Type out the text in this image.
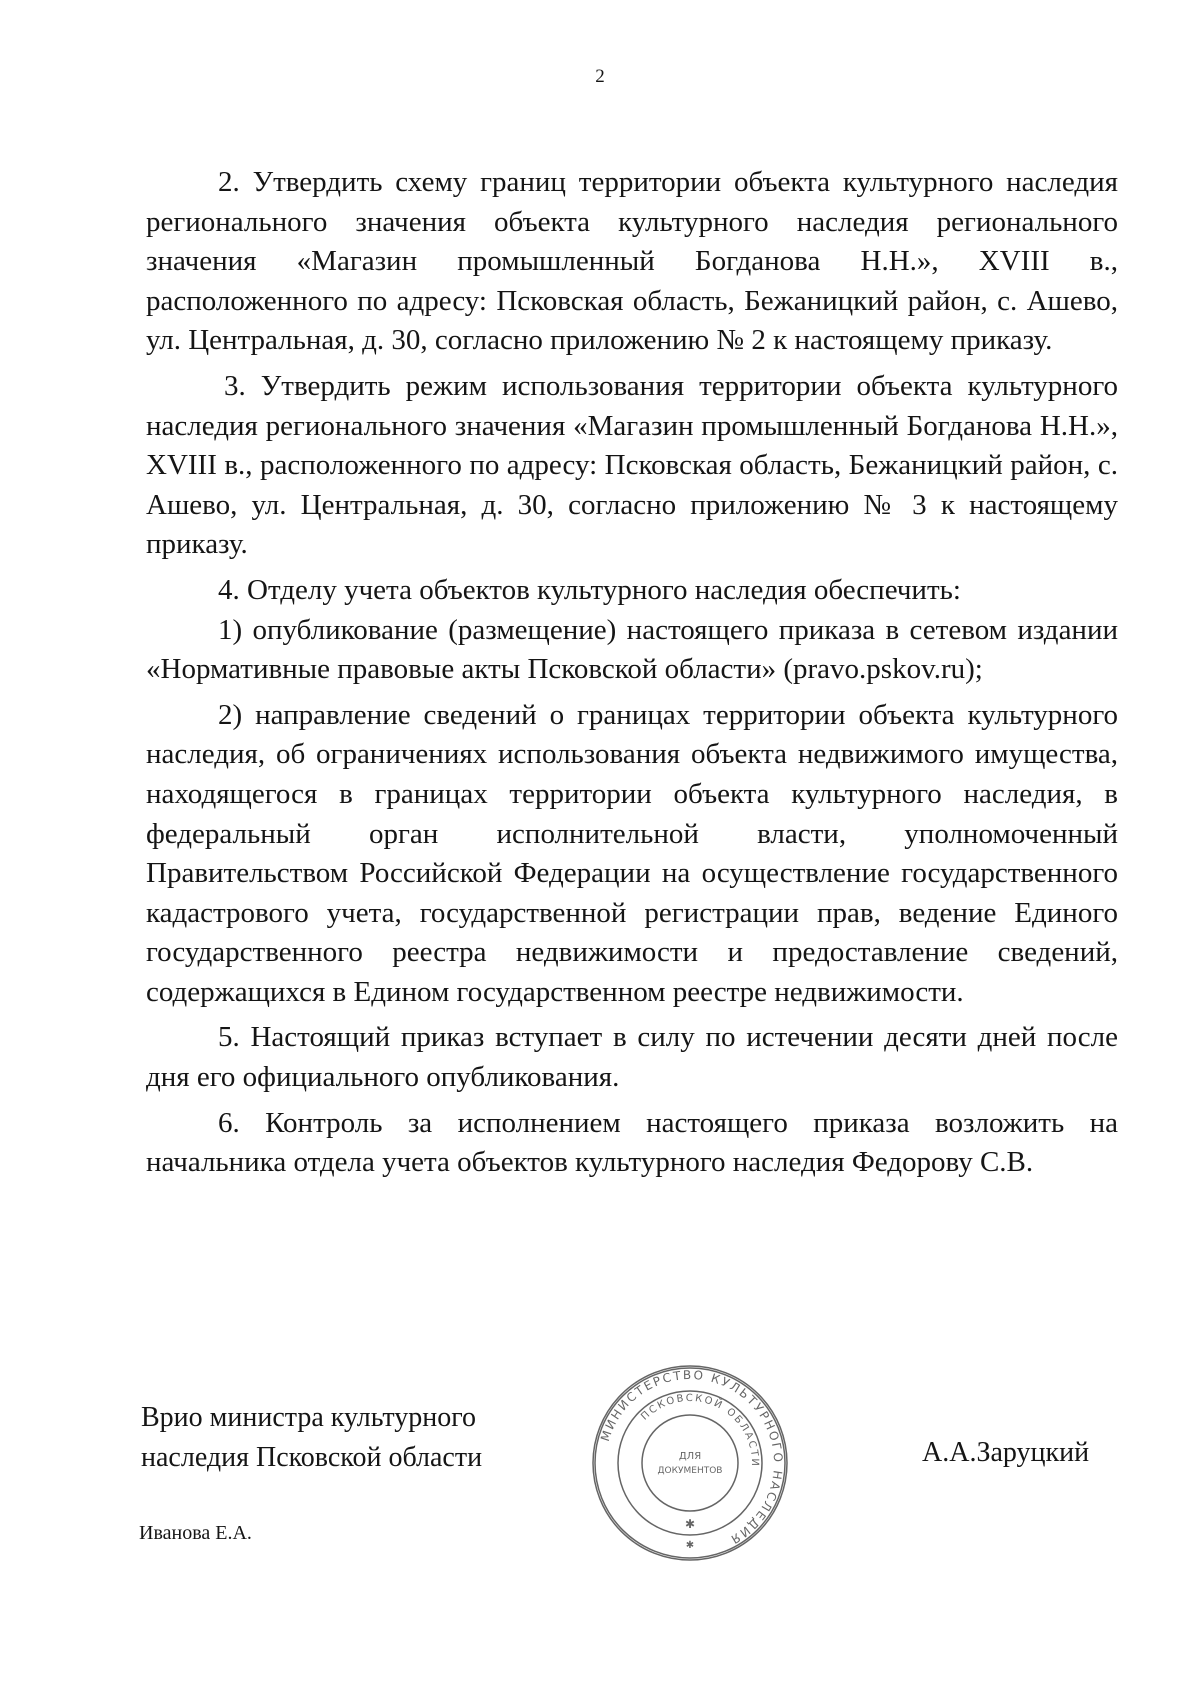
2

2. Утвердить схему границ территории объекта культурного наследия регионального значения объекта культурного наследия регионального значения «Магазин промышленный Богданова Н.Н.», XVIII в., расположенного по адресу: Псковская область, Бежаницкий район, с. Ашево, ул. Центральная, д. 30, согласно приложению № 2 к настоящему приказу.

3. Утвердить режим использования территории объекта культурного наследия регионального значения «Магазин промышленный Богданова Н.Н.», XVIII в., расположенного по адресу: Псковская область, Бежаницкий район, с. Ашево, ул. Центральная, д. 30, согласно приложению № 3 к настоящему приказу.

4. Отделу учета объектов культурного наследия обеспечить:

1) опубликование (размещение) настоящего приказа в сетевом издании «Нормативные правовые акты Псковской области» (pravo.pskov.ru);

2) направление сведений о границах территории объекта культурного наследия, об ограничениях использования объекта недвижимого имущества, находящегося в границах территории объекта культурного наследия, в федеральный орган исполнительной власти, уполномоченный Правительством Российской Федерации на осуществление государственного кадастрового учета, государственной регистрации прав, ведение Единого государственного реестра недвижимости и предоставление сведений, содержащихся в Едином государственном реестре недвижимости.

5. Настоящий приказ вступает в силу по истечении десяти дней после дня его официального опубликования.

6. Контроль за исполнением настоящего приказа возложить на начальника отдела учета объектов культурного наследия Федорову С.В.

Врио министра культурного
наследия Псковской области
МИНИСТЕРСТВО КУЛЬТУРНОГО НАСЛЕДИЯ
ПСКОВСКОЙ ОБЛАСТИ
ДЛЯ
ДОКУМЕНТОВ
✱
✱
А.А.Заруцкий
Иванова Е.А.
